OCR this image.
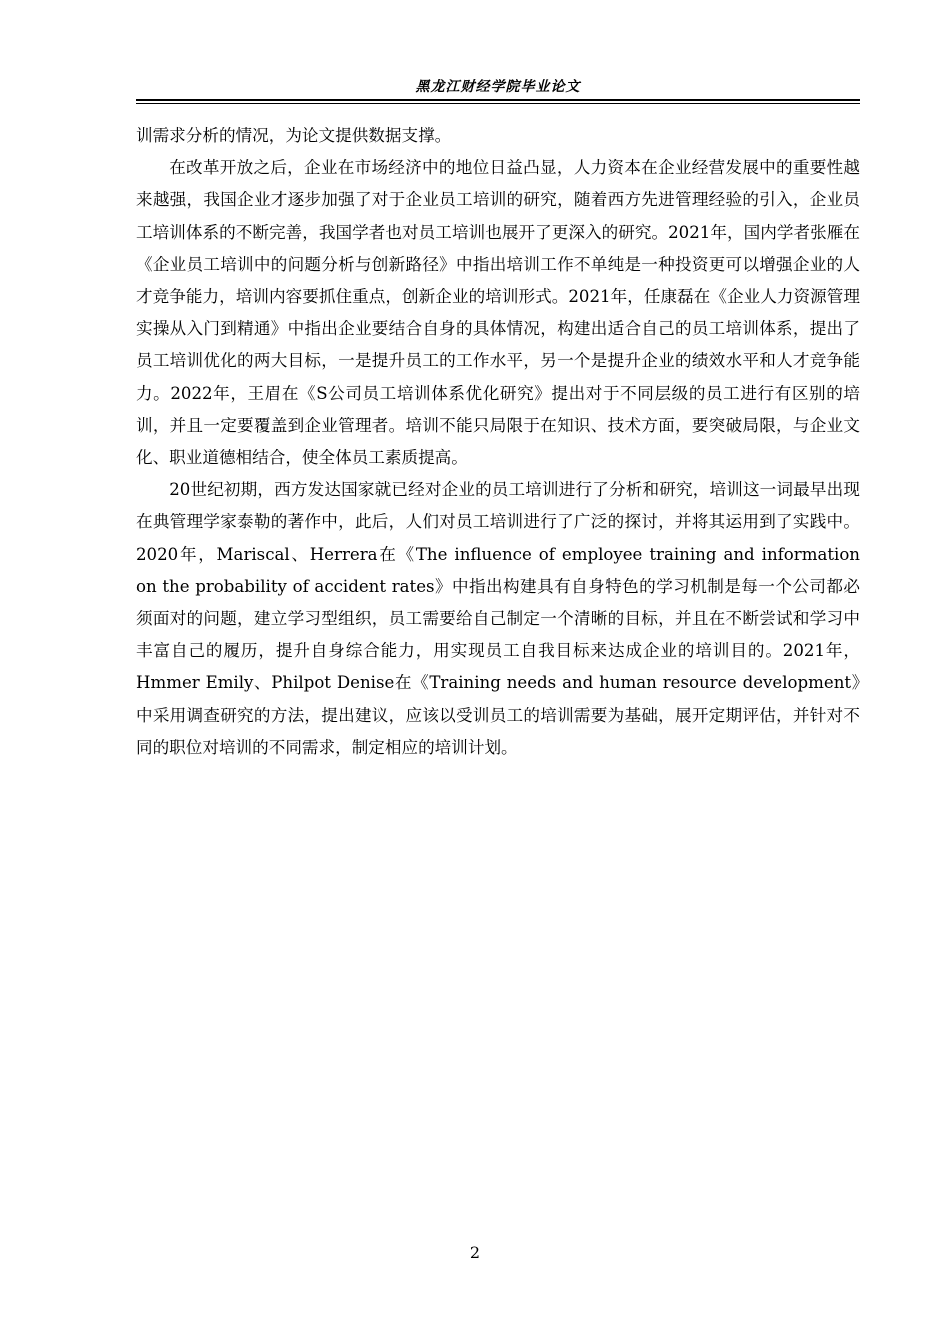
黑龙江财经学院毕业论文

训需求分析的情况，为论文提供数据支撑。

在改革开放之后，企业在市场经济中的地位日益凸显，人力资本在企业经营发展中的重要性越来越强，我国企业才逐步加强了对于企业员工培训的研究，随着西方先进管理经验的引入，企业员工培训体系的不断完善，我国学者也对员工培训也展开了更深入的研究。2021年，国内学者张雁在《企业员工培训中的问题分析与创新路径》中指出培训工作不单纯是一种投资更可以增强企业的人才竞争能力，培训内容要抓住重点，创新企业的培训形式。2021年，任康磊在《企业人力资源管理实操从入门到精通》中指出企业要结合自身的具体情况，构建出适合自己的员工培训体系，提出了员工培训优化的两大目标，一是提升员工的工作水平，另一个是提升企业的绩效水平和人才竞争能力。2022年，王眉在《S公司员工培训体系优化研究》提出对于不同层级的员工进行有区别的培训，并且一定要覆盖到企业管理者。培训不能只局限于在知识、技术方面，要突破局限，与企业文化、职业道德相结合，使全体员工素质提高。

20世纪初期，西方发达国家就已经对企业的员工培训进行了分析和研究，培训这一词最早出现在典管理学家泰勒的著作中，此后，人们对员工培训进行了广泛的探讨，并将其运用到了实践中。2020年，Mariscal、Herrera在《The influence of employee training and information on the probability of accident rates》中指出构建具有自身特色的学习机制是每一个公司都必须面对的问题，建立学习型组织，员工需要给自己制定一个清晰的目标，并且在不断尝试和学习中丰富自己的履历，提升自身综合能力，用实现员工自我目标来达成企业的培训目的。2021年，Hmmer Emily、Philpot Denise在《Training needs and human resource development》中采用调查研究的方法，提出建议，应该以受训员工的培训需要为基础，展开定期评估，并针对不同的职位对培训的不同需求，制定相应的培训计划。

2
